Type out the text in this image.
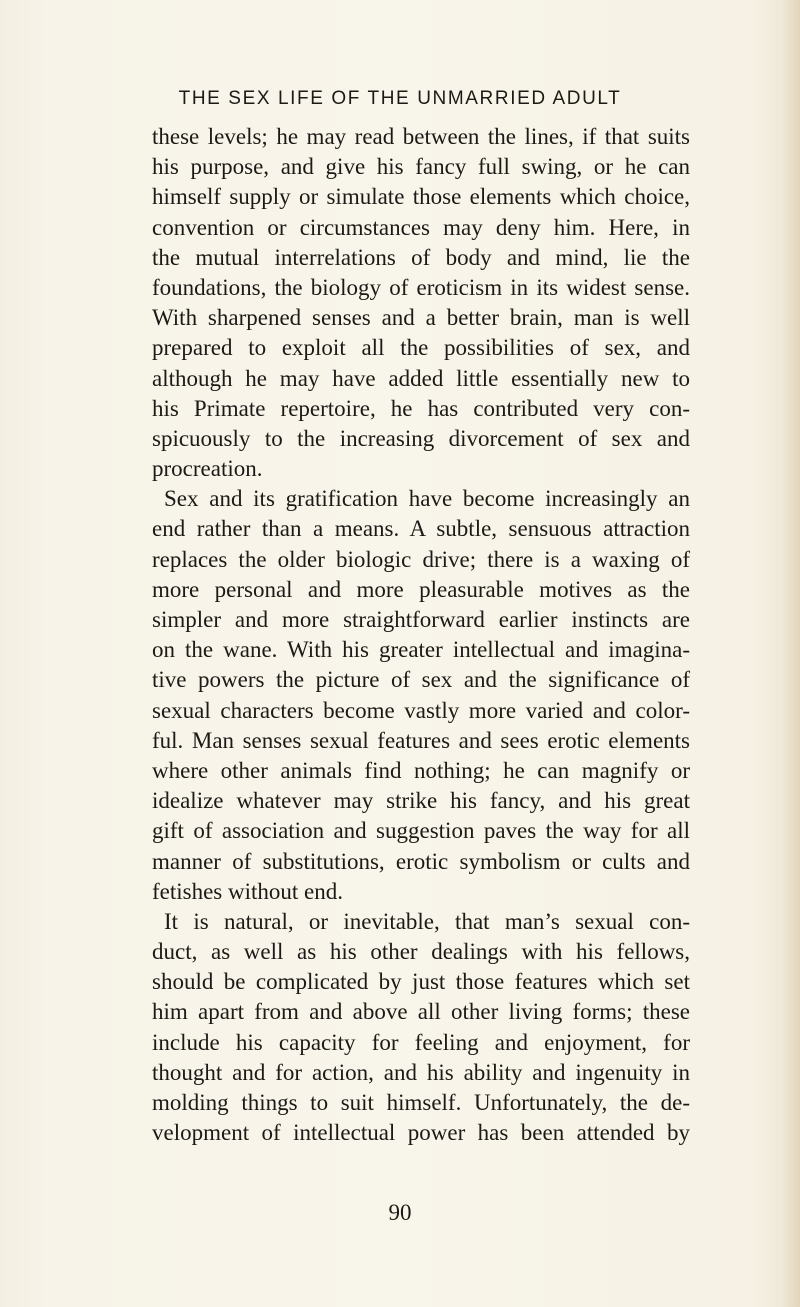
THE SEX LIFE OF THE UNMARRIED ADULT
these levels; he may read between the lines, if that suits
his purpose, and give his fancy full swing, or he can
himself supply or simulate those elements which choice,
convention or circumstances may deny him. Here, in
the mutual interrelations of body and mind, lie the
foundations, the biology of eroticism in its widest sense.
With sharpened senses and a better brain, man is well
prepared to exploit all the possibilities of sex, and
although he may have added little essentially new to
his Primate repertoire, he has contributed very con-
spicuously to the increasing divorcement of sex and
procreation.
Sex and its gratification have become increasingly an
end rather than a means. A subtle, sensuous attraction
replaces the older biologic drive; there is a waxing of
more personal and more pleasurable motives as the
simpler and more straightforward earlier instincts are
on the wane. With his greater intellectual and imagina-
tive powers the picture of sex and the significance of
sexual characters become vastly more varied and color-
ful. Man senses sexual features and sees erotic elements
where other animals find nothing; he can magnify or
idealize whatever may strike his fancy, and his great
gift of association and suggestion paves the way for all
manner of substitutions, erotic symbolism or cults and
fetishes without end.
It is natural, or inevitable, that man’s sexual con-
duct, as well as his other dealings with his fellows,
should be complicated by just those features which set
him apart from and above all other living forms; these
include his capacity for feeling and enjoyment, for
thought and for action, and his ability and ingenuity in
molding things to suit himself. Unfortunately, the de-
velopment of intellectual power has been attended by
90
